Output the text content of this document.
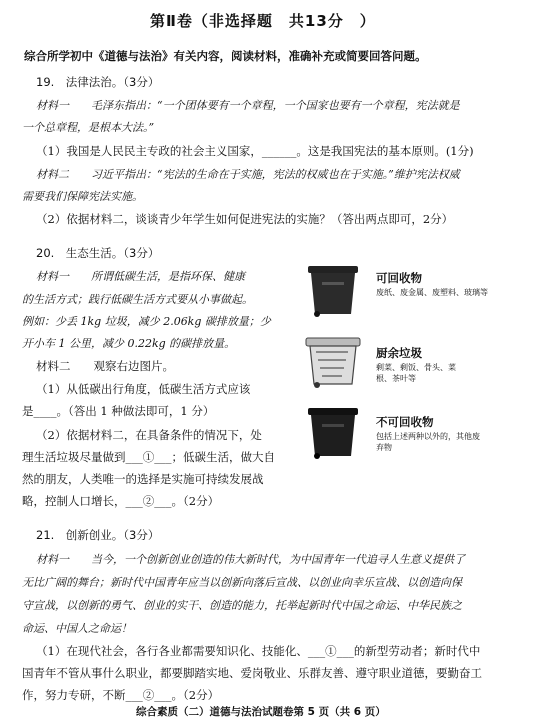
第Ⅱ卷（非选择题　共13分　）
综合所学初中《道德与法治》有关内容，阅读材料，准确补充或简要回答问题。
19.　法律法治。（3分）
材料一　　毛泽东指出：“一个团体要有一个章程，一个国家也要有一个章程，宪法就是
一个总章程，是根本大法。”
（1）我国是人民民主专政的社会主义国家，______。这是我国宪法的基本原则。(1分)
材料二　　习近平指出：“宪法的生命在于实施，宪法的权威也在于实施。”维护宪法权威
需要我们保障宪法实施。
（2）依据材料二，谈谈青少年学生如何促进宪法的实施？（答出两点即可，2分）
20.　生态生活。（3分）
材料一　　所谓低碳生活，是指环保、健康
的生活方式；践行低碳生活方式要从小事做起。
例如：少丢 1kg 垃圾，减少 2.06kg 碳排放量；少
开小车 1 公里，减少 0.22kg 的碳排放量。
材料二　　观察右边图片。
（1）从低碳出行角度，低碳生活方式应该
是____。（答出 1 种做法即可，1 分）
（2）依据材料二，在具备条件的情况下，处
理生活垃圾尽量做到___①___；低碳生活，做大自
然的朋友，人类唯一的选择是实施可持续发展战
略，控制人口增长，___②___。（2分）
可回收物
废纸、废金属、废塑料、玻璃等
厨余垃圾
剩菜、剩饭、骨头、菜根、茶叶等
不可回收物
包括上述两种以外的，其他废弃物
21.　创新创业。（3分）
材料一　　当今，一个创新创业创造的伟大新时代，为中国青年一代追寻人生意义提供了
无比广阔的舞台；新时代中国青年应当以创新向落后宣战、以创业向幸乐宣战、以创造向保
守宣战，以创新的勇气、创业的实干、创造的能力，托举起新时代中国之命运、中华民族之
命运、中国人之命运！
（1）在现代社会，各行各业都需要知识化、技能化、___①___的新型劳动者；新时代中
国青年不管从事什么职业，都要脚踏实地、爱岗敬业、乐群友善、遵守职业道德，要勤奋工
作，努力专研，不断___②___。（2分）
综合素质（二）道德与法治试题卷第 5 页（共 6 页）
